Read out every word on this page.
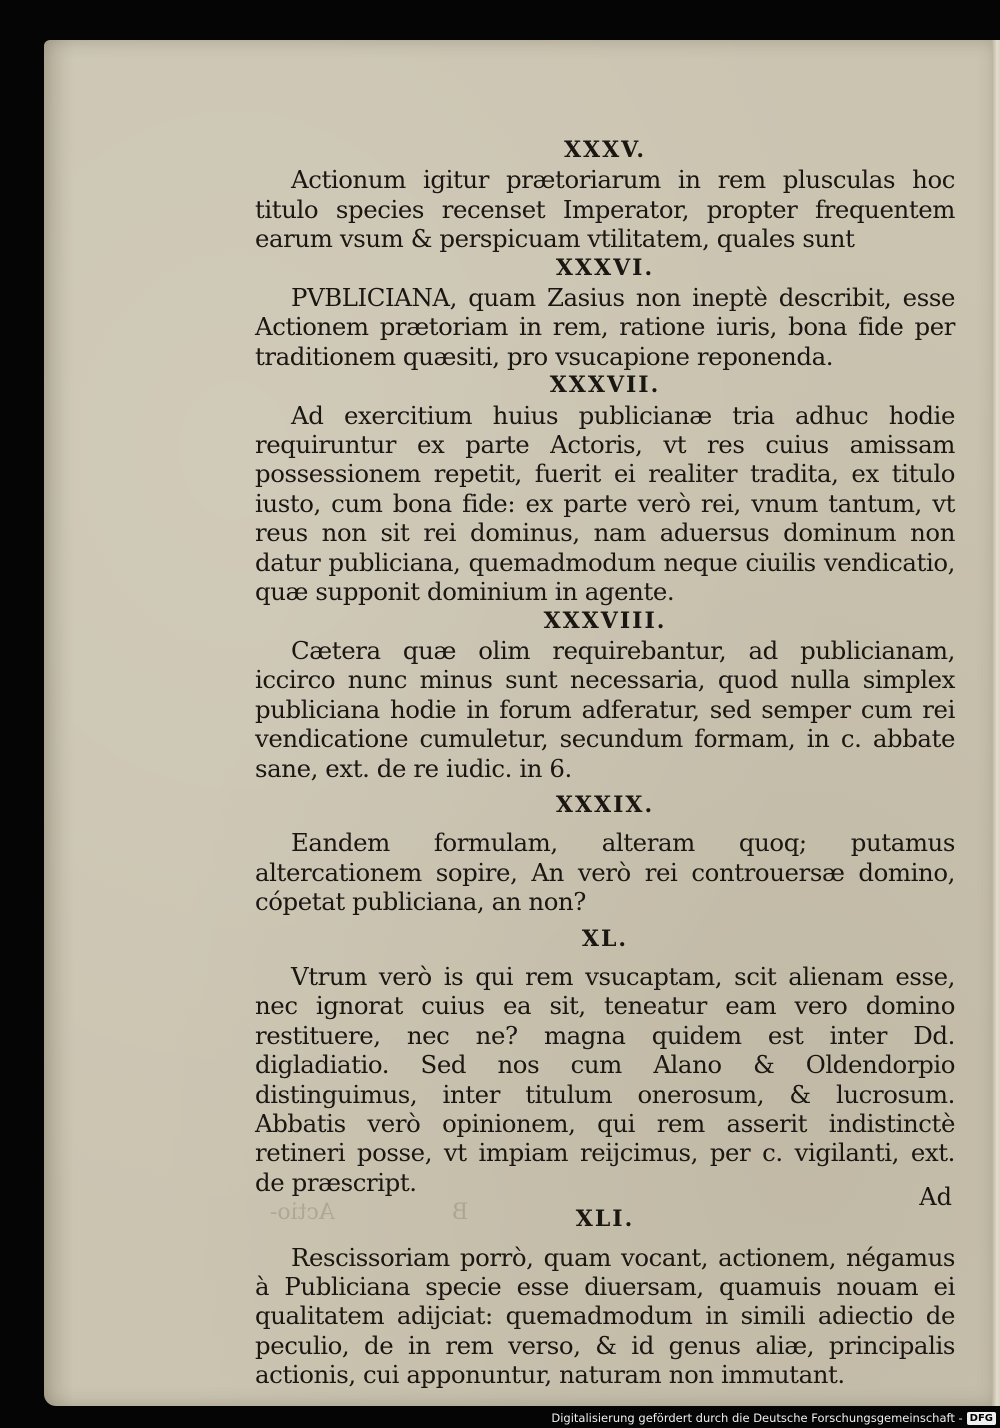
XXXV.

Actionum igitur prætoriarum in rem plusculas hoc titulo species recenset Imperator, propter frequentem earum vsum & perspicuam vtilitatem, quales sunt

XXXVI.

PVBLICIANA, quam Zasius non ineptè describit, esse Actionem prætoriam in rem, ratione iuris, bona fide per traditionem quæsiti, pro vsucapione reponenda.

XXXVII.

Ad exercitium huius publicianæ tria adhuc hodie requiruntur ex parte Actoris, vt res cuius amissam possessionem repetit, fuerit ei realiter tradita, ex titulo iusto, cum bona fide: ex parte verò rei, vnum tantum, vt reus non sit rei dominus, nam aduersus dominum non datur publiciana, quemadmodum neque ciuilis vendicatio, quæ supponit dominium in agente.

XXXVIII.

Cætera quæ olim requirebantur, ad publicianam, iccirco nunc minus sunt necessaria, quod nulla simplex publiciana hodie in forum adferatur, sed semper cum rei vendicatione cumuletur, secundum formam, in c. abbate sane, ext. de re iudic. in 6.

XXXIX.

Eandem formulam, alteram quoq; putamus altercationem sopire, An verò rei controuersæ domino, cópetat publiciana, an non?

XL.

Vtrum verò is qui rem vsucaptam, scit alienam esse, nec ignorat cuius ea sit, teneatur eam vero domino restituere, nec ne? magna quidem est inter Dd. digladiatio. Sed nos cum Alano & Oldendorpio distinguimus, inter titulum onerosum, & lucrosum. Abbatis verò opinionem, qui rem asserit indistinctè retineri posse, vt impiam reijcimus, per c. vigilanti, ext. de præscript.

XLI.

Rescissoriam porrò, quam vocant, actionem, négamus à Publiciana specie esse diuersam, quamuis nouam ei qualitatem adijciat: quemadmodum in simili adiectio de peculio, de in rem verso, & id genus aliæ, principalis actionis, cui apponuntur, naturam non immutant.

Ad
Actio-	B
Digitalisierung gefördert durch die Deutsche Forschungsgemeinschaft - DFG
